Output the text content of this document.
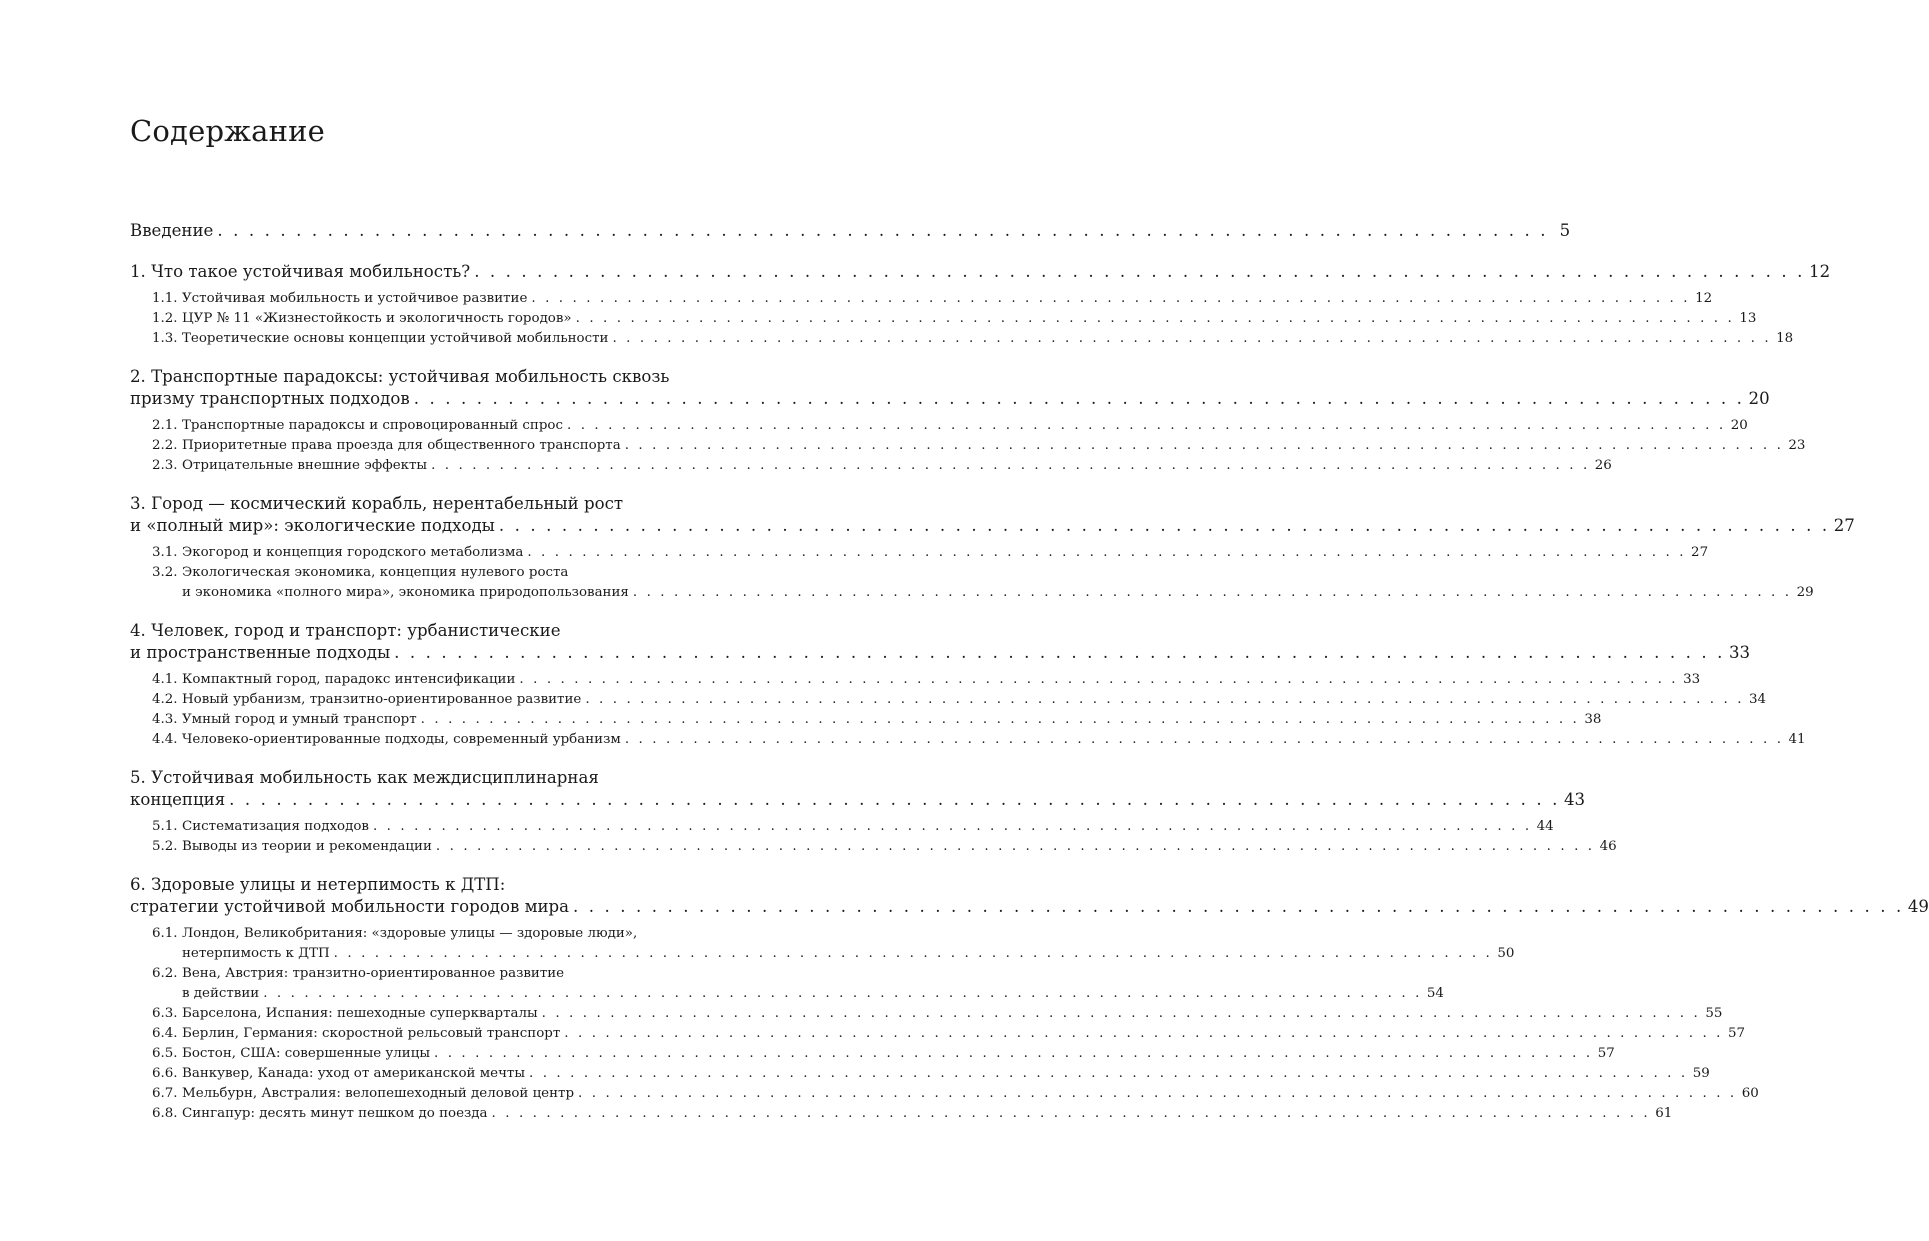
Содержание
Введение . . .	5
1. Что такое устойчивая мобильность? . . .	12
1.1. Устойчивая мобильность и устойчивое развитие . . .	12
1.2. ЦУР № 11 «Жизнестойкость и экологичность городов» . . .	13
1.3. Теоретические основы концепции устойчивой мобильности . . .	18
2. Транспортные парадоксы: устойчивая мобильность сквозь
призму транспортных подходов . . .	20
2.1. Транспортные парадоксы и спровоцированный спрос . . .	20
2.2. Приоритетные права проезда для общественного транспорта . . .	23
2.3. Отрицательные внешние эффекты . . .	26
3. Город — космический корабль, нерентабельный рост
и «полный мир»: экологические подходы . . .	27
3.1. Экогород и концепция городского метаболизма . . .	27
3.2. Экологическая экономика, концепция нулевого роста
и экономика «полного мира», экономика природопользования . . .	29
4. Человек, город и транспорт: урбанистические
и пространственные подходы . . .	33
4.1. Компактный город, парадокс интенсификации . . .	33
4.2. Новый урбанизм, транзитно-ориентированное развитие . . .	34
4.3. Умный город и умный транспорт . . .	38
4.4. Человеко-ориентированные подходы, современный урбанизм . . .	41
5. Устойчивая мобильность как междисциплинарная
концепция . . .	43
5.1. Систематизация подходов . . .	44
5.2. Выводы из теории и рекомендации . . .	46
6. Здоровые улицы и нетерпимость к ДТП:
стратегии устойчивой мобильности городов мира . . .	49
6.1. Лондон, Великобритания: «здоровые улицы — здоровые люди»,
нетерпимость к ДТП . . .	50
6.2. Вена, Австрия: транзитно-ориентированное развитие
в действии . . .	54
6.3. Барселона, Испания: пешеходные суперкварталы . . .	55
6.4. Берлин, Германия: скоростной рельсовый транспорт . . .	57
6.5. Бостон, США: совершенные улицы . . .	57
6.6. Ванкувер, Канада: уход от американской мечты . . .	59
6.7. Мельбурн, Австралия: велопешеходный деловой центр . . .	60
6.8. Сингапур: десять минут пешком до поезда . . .	61
